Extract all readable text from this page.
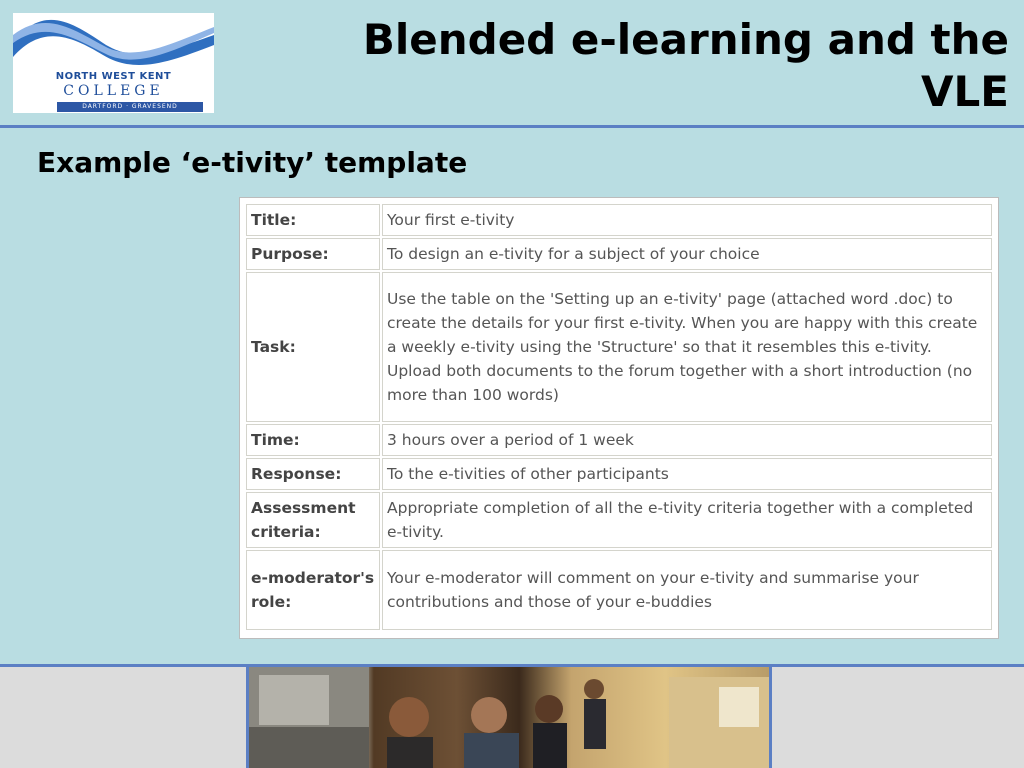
NORTH WEST KENT
COLLEGE
DARTFORD · GRAVESEND
Blended e-learning and the
VLE
Example ‘e-tivity’ template
Title:	Your first e-tivity
Purpose:	To design an e-tivity for a subject of your choice
Task:	Use the table on the 'Setting up an e-tivity' page (attached word .doc) to create the details for your first e-tivity. When you are happy with this create a weekly e-tivity using the 'Structure' so that it resembles this e-tivity. Upload both documents to the forum together with a short introduction (no more than 100 words)
Time:	3 hours over a period of 1 week
Response:	To the e-tivities of other participants
Assessment criteria:	Appropriate completion of all the e-tivity criteria together with a completed e-tivity.
e-moderator's role:	Your e-moderator will comment on your e-tivity and summarise your contributions and those of your e-buddies
